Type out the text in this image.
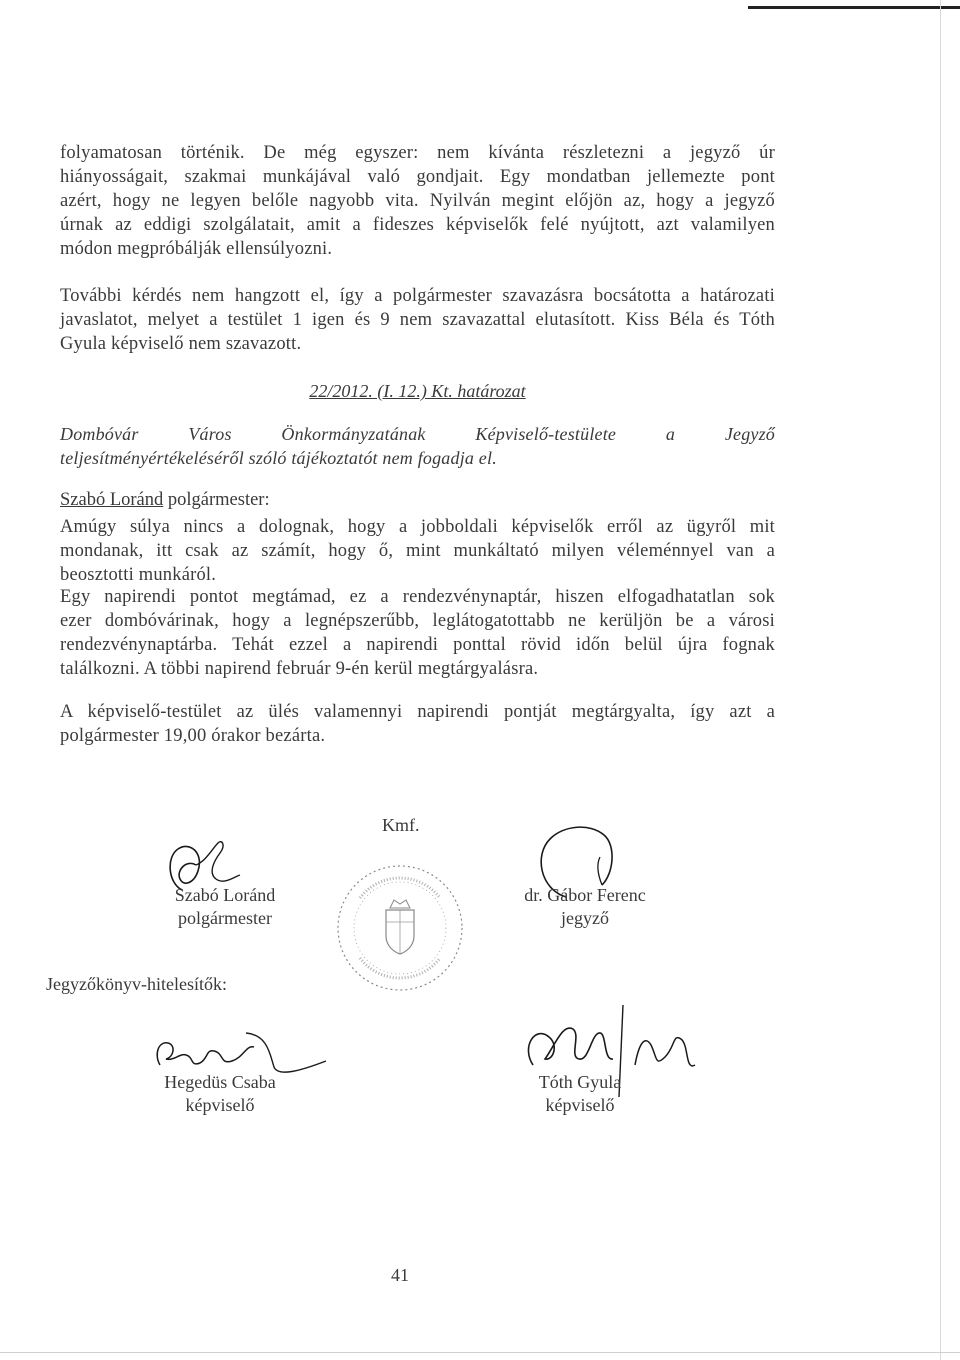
folyamatosan történik. De még egyszer: nem kívánta részletezni a jegyző úr
hiányosságait, szakmai munkájával való gondjait. Egy mondatban jellemezte pont
azért, hogy ne legyen belőle nagyobb vita. Nyilván megint előjön az, hogy a jegyző
úrnak az eddigi szolgálatait, amit a fideszes képviselők felé nyújtott, azt valamilyen
módon megpróbálják ellensúlyozni.
További kérdés nem hangzott el, így a polgármester szavazásra bocsátotta a határozati
javaslatot, melyet a testület 1 igen és 9 nem szavazattal elutasított. Kiss Béla és Tóth
Gyula képviselő nem szavazott.
22/2012. (I. 12.) Kt. határozat
Dombóvár Város Önkormányzatának Képviselő-testülete a Jegyző
teljesítményértékeléséről szóló tájékoztatót nem fogadja el.
Szabó Loránd polgármester:
Amúgy súlya nincs a dolognak, hogy a jobboldali képviselők erről az ügyről mit
mondanak, itt csak az számít, hogy ő, mint munkáltató milyen véleménnyel van a
beosztotti munkáról.
Egy napirendi pontot megtámad, ez a rendezvénynaptár, hiszen elfogadhatatlan sok
ezer dombóvárinak, hogy a legnépszerűbb, leglátogatottabb ne kerüljön be a városi
rendezvénynaptárba. Tehát ezzel a napirendi ponttal rövid időn belül újra fognak
találkozni. A többi napirend február 9-én kerül megtárgyalásra.
A képviselő-testület az ülés valamennyi napirendi pontját megtárgyalta, így azt a
polgármester 19,00 órakor bezárta.
Kmf.
Szabó Loránd
polgármester
dr. Gábor Ferenc
jegyző
Jegyzőkönyv-hitelesítők:
Hegedüs Csaba
képviselő
Tóth Gyula
képviselő
41
